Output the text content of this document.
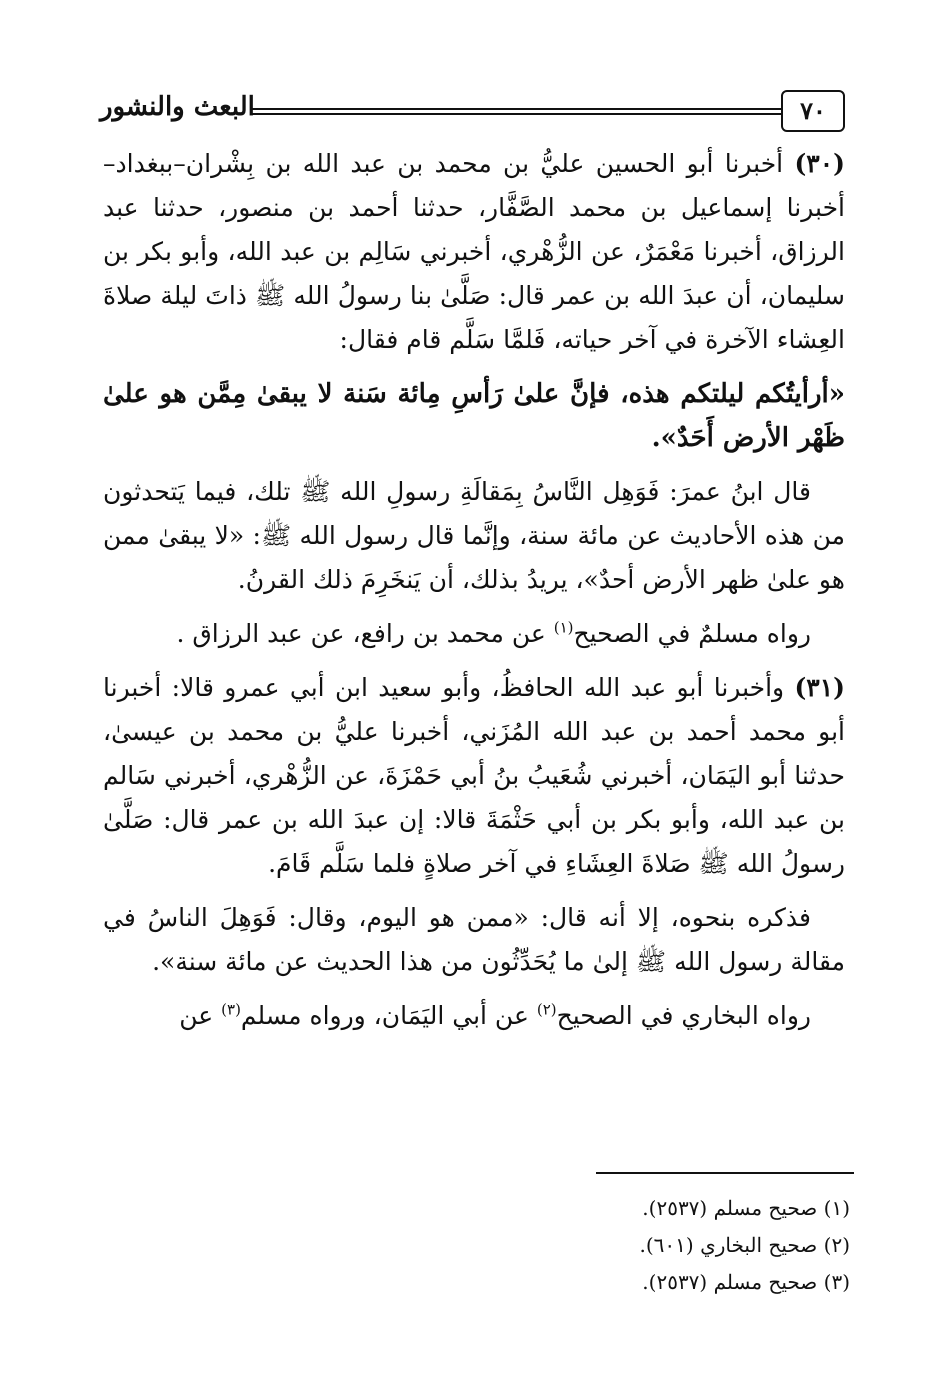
٧٠
البعث والنشور

(٣٠) أخبرنا أبو الحسين عليُّ بن محمد بن عبد الله بن بِشْران–ببغداد– أخبرنا إسماعيل بن محمد الصَّفَّار، حدثنا أحمد بن منصور، حدثنا عبد الرزاق، أخبرنا مَعْمَرٌ، عن الزُّهْري، أخبرني سَالِم بن عبد الله، وأبو بكر بن سليمان، أن عبدَ الله بن عمر قال: صَلَّىٰ بنا رسولُ الله ﷺ ذاتَ ليلة صلاةَ العِشاء الآخرة في آخر حياته، فَلمَّا سَلَّم قام فقال:

«أرأيتُكم ليلتكم هذه، فإنَّ علىٰ رَأسِ مِائة سَنة لا يبقىٰ مِمَّن هو علىٰ ظَهْر الأرض أَحَدٌ».

قال ابنُ عمرَ: فَوَهِل النَّاسُ بِمَقالَةِ رسولِ الله ﷺ تلك، فيما يَتحدثون من هذه الأحاديث عن مائة سنة، وإنَّما قال رسول الله ﷺ: «لا يبقىٰ ممن هو علىٰ ظهر الأرض أحدٌ»، يريدُ بذلك، أن يَنخَرِمَ ذلك القرنُ.

رواه مسلمٌ في الصحيح$^{(١)}$ عن محمد بن رافع، عن عبد الرزاق .

(٣١) وأخبرنا أبو عبد الله الحافظُ، وأبو سعيد ابن أبي عمرو قالا: أخبرنا أبو محمد أحمد بن عبد الله المُزَني، أخبرنا عليُّ بن محمد بن عيسىٰ، حدثنا أبو اليَمَان، أخبرني شُعَيبُ بنُ أبي حَمْزَةَ، عن الزُّهْري، أخبرني سَالم بن عبد الله، وأبو بكر بن أبي حَثْمَةَ قالا: إن عبدَ الله بن عمر قال: صَلَّىٰ رسولُ الله ﷺ صَلاةَ العِشَاءِ في آخر صلاةٍ فلما سَلَّم قَامَ.

فذكره بنحوه، إلا أنه قال: «ممن هو اليوم، وقال: فَوَهِلَ الناسُ في مقالة رسول الله ﷺ إلىٰ ما يُحَدِّثُون من هذا الحديث عن مائة سنة».

رواه البخاري في الصحيح$^{(٢)}$ عن أبي اليَمَان، ورواه مسلم$^{(٣)}$ عن

(١) صحيح مسلم (٢٥٣٧).
(٢) صحيح البخاري (٦٠١).
(٣) صحيح مسلم (٢٥٣٧).
